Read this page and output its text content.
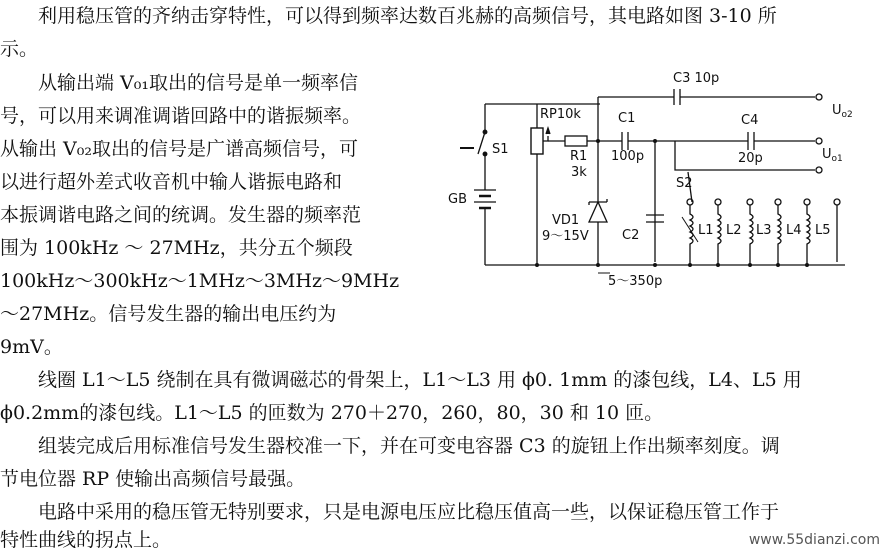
　　利用稳压管的齐纳击穿特性，可以得到频率达数百兆赫的高频信号，其电路如图 3-10 所
示。
　　从输出端 V₀₁取出的信号是单一频率信
号，可以用来调准调谐回路中的谐振频率。
从输出 V₀₂取出的信号是广谱高频信号，可
以进行超外差式收音机中输人谐振电路和
本振调谐电路之间的统调。发生器的频率范
围为 100kHz ～ 27MHz，共分五个频段
100kHz～300kHz～1MHz～3MHz～9MHz
～27MHz。信号发生器的输出电压约为
9mV。
　　线圈 L1～L5 绕制在具有微调磁芯的骨架上，L1～L3 用 ϕ0. 1mm 的漆包线，L4、L5 用
ϕ0.2mm的漆包线。L1～L5 的匝数为 270＋270，260，80，30 和 10 匝。
　　组装完成后用标准信号发生器校准一下，并在可变电容器 C3 的旋钮上作出频率刻度。调
节电位器 RP 使输出高频信号最强。
　　电路中采用的稳压管无特别要求，只是电源电压应比稳压值高一些，以保证稳压管工作于
特性曲线的拐点上。
S1
GB
RP10k
R1
3k
VD1
9～15V
C1
100p
C3 10p
$U_{o2}$
C2
5～350p
C4
20p	$U_{o1}$
S2
L1 L2 L3 L4 L5
www.55dianzi.com
